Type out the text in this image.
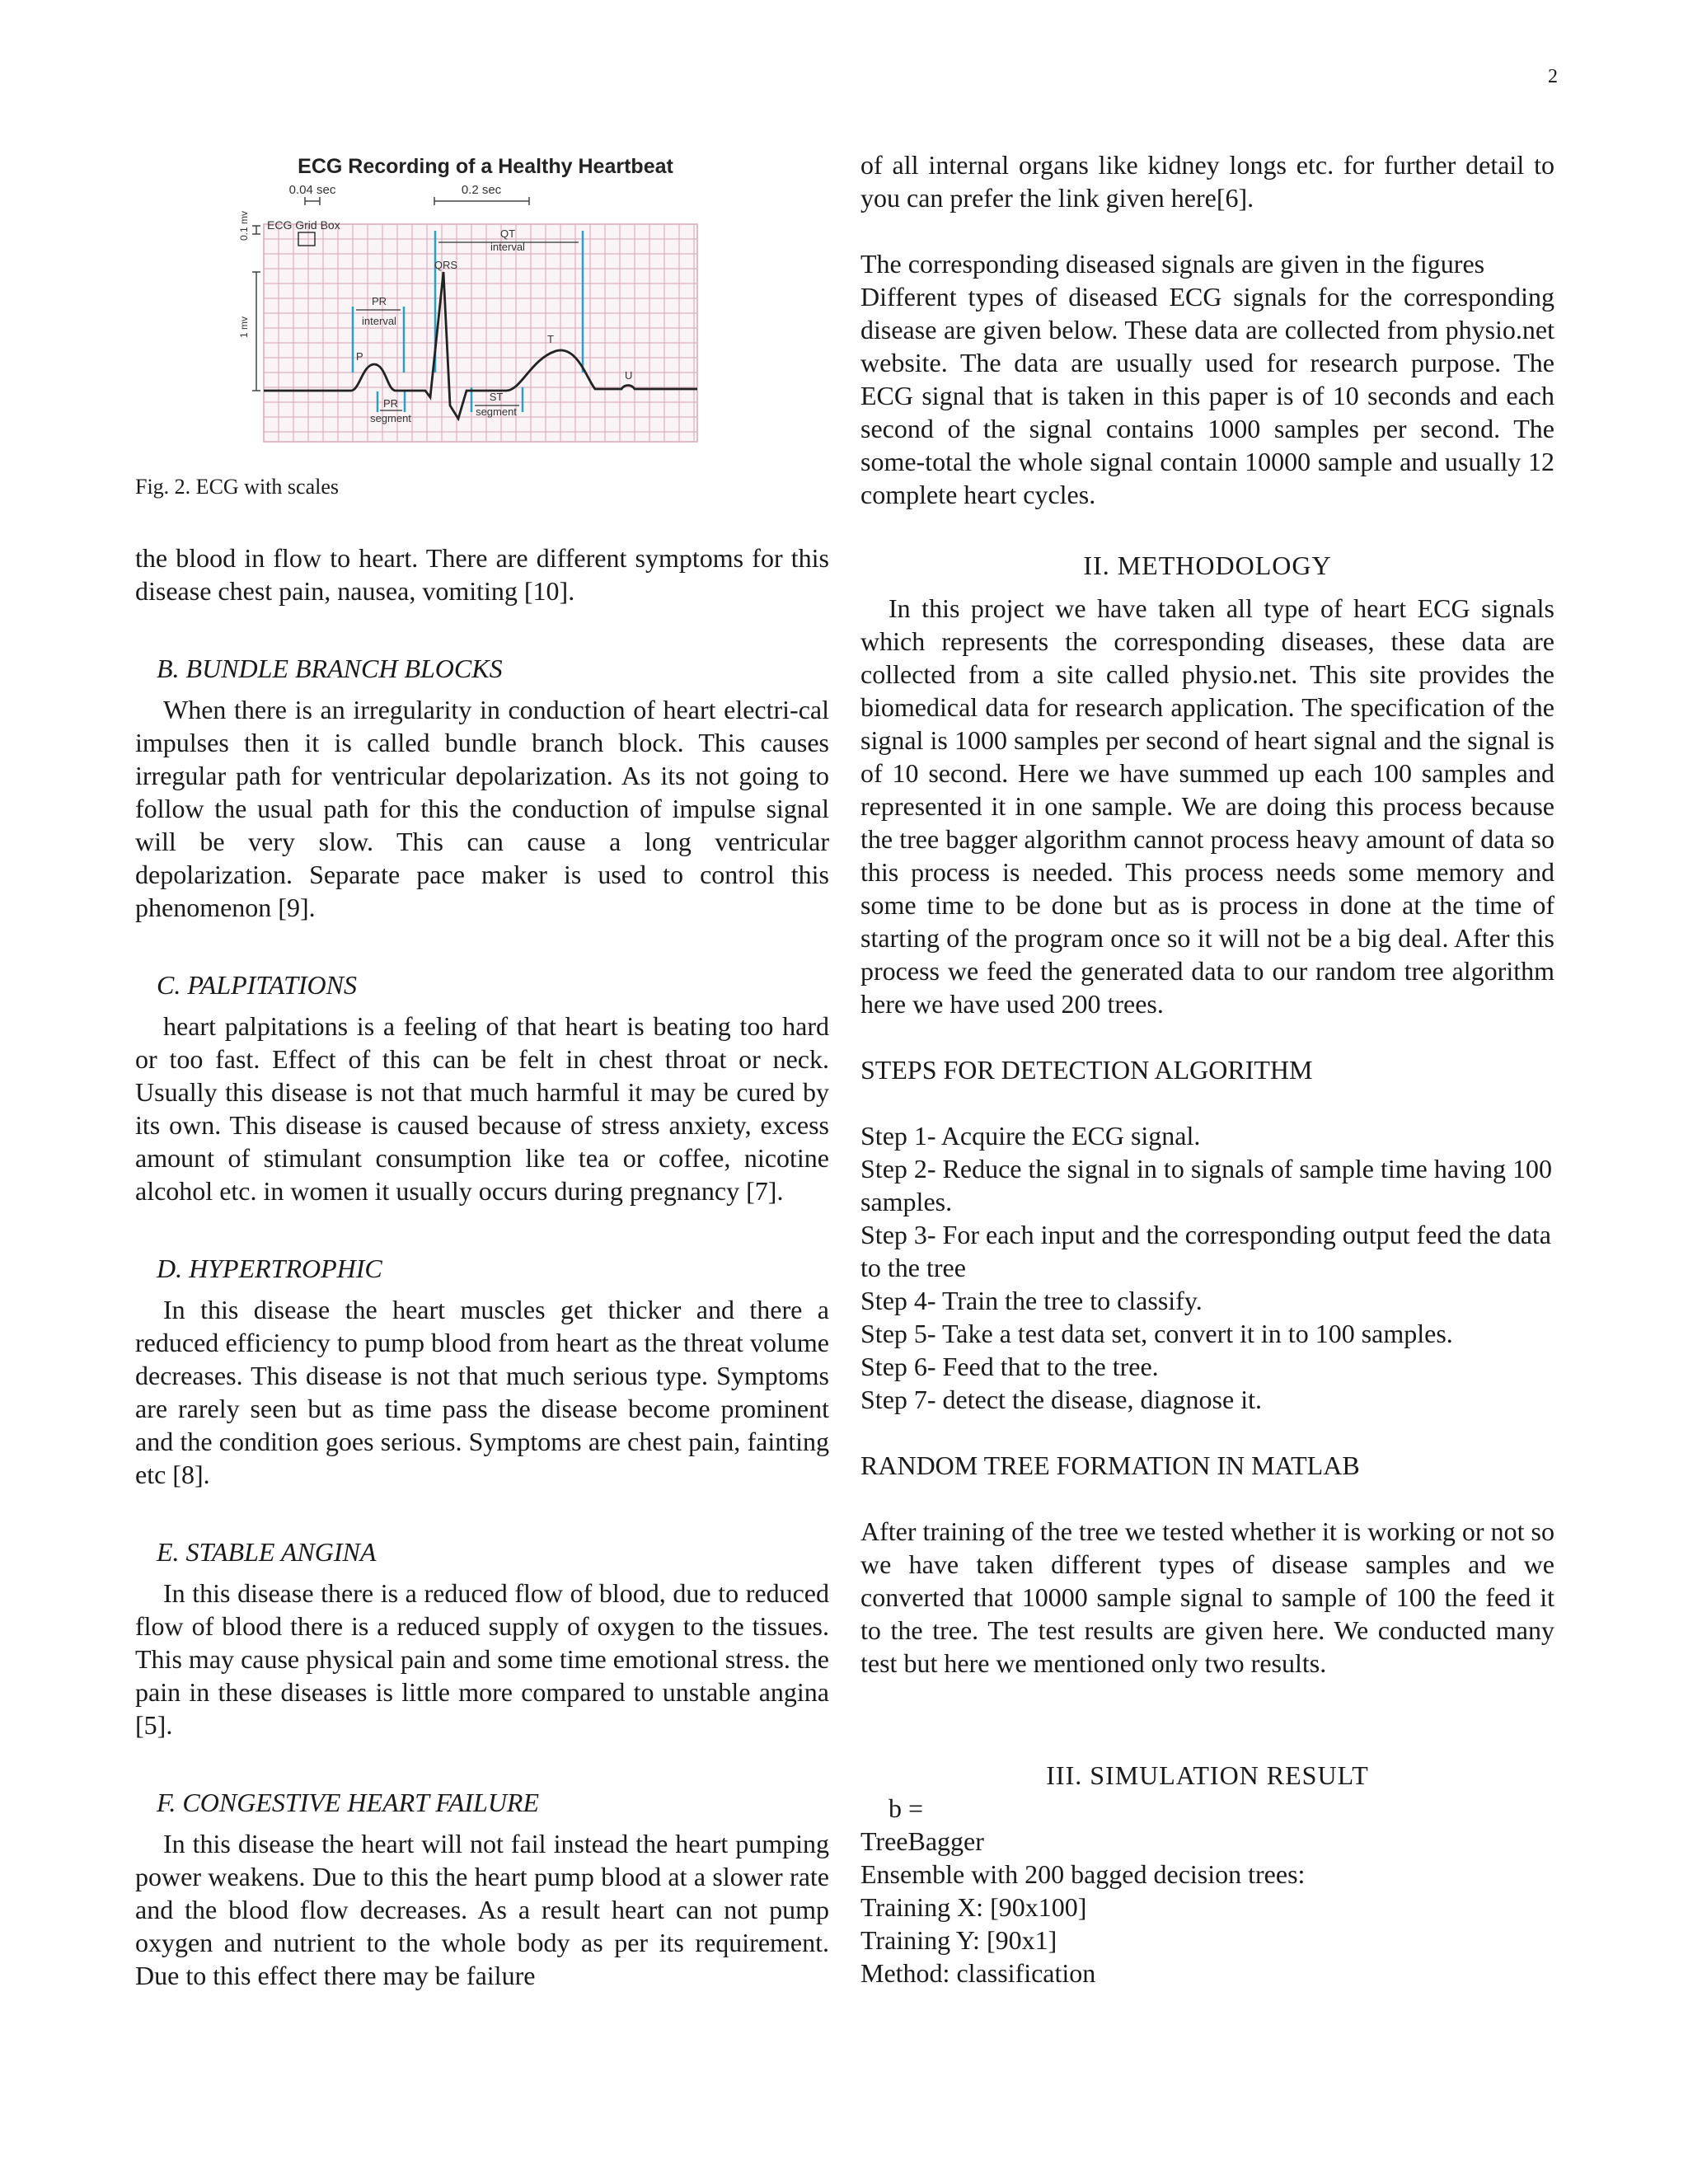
2
ECG Recording of a Healthy Heartbeat
0.04 sec	0.2 sec
ECG Grid Box
0.1 mv
1 mv
QT
interval
QRS
PR
interval
P
T
U
PR
segment
ST
segment
Fig. 2. ECG with scales

the blood in flow to heart. There are different symptoms for this disease chest pain, nausea, vomiting [10].

B. BUNDLE BRANCH BLOCKS

When there is an irregularity in conduction of heart electri-cal impulses then it is called bundle branch block. This causes irregular path for ventricular depolarization. As its not going to follow the usual path for this the conduction of impulse signal will be very slow. This can cause a long ventricular depolarization. Separate pace maker is used to control this phenomenon [9].

C. PALPITATIONS

heart palpitations is a feeling of that heart is beating too hard or too fast. Effect of this can be felt in chest throat or neck. Usually this disease is not that much harmful it may be cured by its own. This disease is caused because of stress anxiety, excess amount of stimulant consumption like tea or coffee, nicotine alcohol etc. in women it usually occurs during pregnancy [7].

D. HYPERTROPHIC

In this disease the heart muscles get thicker and there a reduced efficiency to pump blood from heart as the threat volume decreases. This disease is not that much serious type. Symptoms are rarely seen but as time pass the disease become prominent and the condition goes serious. Symptoms are chest pain, fainting etc [8].

E. STABLE ANGINA

In this disease there is a reduced flow of blood, due to reduced flow of blood there is a reduced supply of oxygen to the tissues. This may cause physical pain and some time emotional stress. the pain in these diseases is little more compared to unstable angina [5].

F. CONGESTIVE HEART FAILURE

In this disease the heart will not fail instead the heart pumping power weakens. Due to this the heart pump blood at a slower rate and the blood flow decreases. As a result heart can not pump oxygen and nutrient to the whole body as per its requirement. Due to this effect there may be failure

of all internal organs like kidney longs etc. for further detail to you can prefer the link given here[6].

The corresponding diseased signals are given in the figures

Different types of diseased ECG signals for the corresponding disease are given below. These data are collected from physio.net website. The data are usually used for research purpose. The ECG signal that is taken in this paper is of 10 seconds and each second of the signal contains 1000 samples per second. The some-total the whole signal contain 10000 sample and usually 12 complete heart cycles.

II. METHODOLOGY

In this project we have taken all type of heart ECG signals which represents the corresponding diseases, these data are collected from a site called physio.net. This site provides the biomedical data for research application. The specification of the signal is 1000 samples per second of heart signal and the signal is of 10 second. Here we have summed up each 100 samples and represented it in one sample. We are doing this process because the tree bagger algorithm cannot process heavy amount of data so this process is needed. This process needs some memory and some time to be done but as is process in done at the time of starting of the program once so it will not be a big deal. After this process we feed the generated data to our random tree algorithm here we have used 200 trees.

STEPS FOR DETECTION ALGORITHM

Step 1- Acquire the ECG signal.

Step 2- Reduce the signal in to signals of sample time having 100 samples.

Step 3- For each input and the corresponding output feed the data to the tree

Step 4- Train the tree to classify.

Step 5- Take a test data set, convert it in to 100 samples.

Step 6- Feed that to the tree.

Step 7- detect the disease, diagnose it.

RANDOM TREE FORMATION IN MATLAB

After training of the tree we tested whether it is working or not so we have taken different types of disease samples and we converted that 10000 sample signal to sample of 100 the feed it to the tree. The test results are given here. We conducted many test but here we mentioned only two results.

III. SIMULATION RESULT

b =

TreeBagger

Ensemble with 200 bagged decision trees:

Training X: [90x100]

Training Y: [90x1]

Method: classification
